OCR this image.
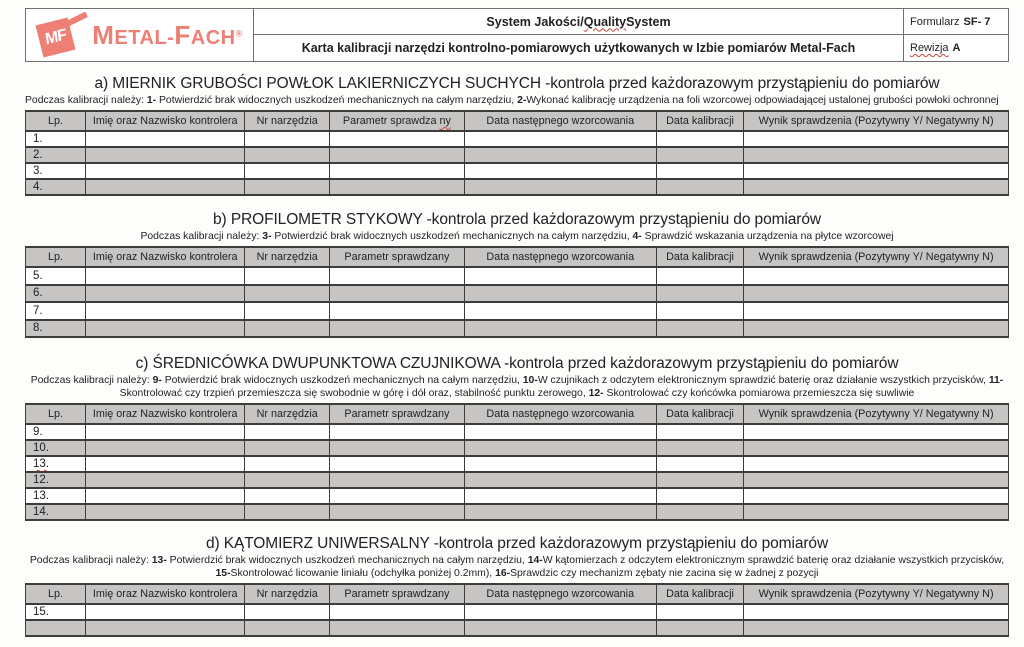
MF METAL-FACH®
System Jakości/ Quality System
Karta kalibracji narzędzi kontrolno-pomiarowych użytkowanych w Izbie pomiarów Metal-Fach
Formularz SF- 7
Rewizja A
a) MIERNIK GRUBOŚCI POWŁOK LAKIERNICZYCH SUCHYCH -kontrola przed każdorazowym przystąpieniu do pomiarów

Podczas kalibracji należy: 1- Potwierdzić brak widocznych uszkodzeń mechanicznych na całym narzędziu, 2-Wykonać kalibrację urządzenia na foli wzorcowej odpowiadającej ustalonej grubości powłoki ochronnej

Lp.	Imię oraz Nazwisko kontrolera	Nr narzędzia	Parametr sprawdza ny	Data następnego wzorcowania	Data kalibracji	Wynik sprawdzenia (Pozytywny Y/ Negatywny N)
1.						
2.						
3.						
4.						
b) PROFILOMETR STYKOWY -kontrola przed każdorazowym przystąpieniu do pomiarów

Podczas kalibracji należy: 3- Potwierdzić brak widocznych uszkodzeń mechanicznych na całym narzędziu, 4- Sprawdzić wskazania urządzenia na płytce wzorcowej

Lp.	Imię oraz Nazwisko kontrolera	Nr narzędzia	Parametr sprawdzany	Data następnego wzorcowania	Data kalibracji	Wynik sprawdzenia (Pozytywny Y/ Negatywny N)
5.						
6.						
7.						
8.						
c) ŚREDNICÓWKA DWUPUNKTOWA CZUJNIKOWA -kontrola przed każdorazowym przystąpieniu do pomiarów

Podczas kalibracji należy: 9- Potwierdzić brak widocznych uszkodzeń mechanicznych na całym narzędziu, 10-W czujnikach z odczytem elektronicznym sprawdzić baterię oraz działanie wszystkich przycisków, 11-Skontrolować czy trzpień przemieszcza się swobodnie w górę i dół oraz, stabilność punktu zerowego, 12- Skontrolować czy końcówka pomiarowa przemieszcza się suwliwie

Lp.	Imię oraz Nazwisko kontrolera	Nr narzędzia	Parametr sprawdzany	Data następnego wzorcowania	Data kalibracji	Wynik sprawdzenia (Pozytywny Y/ Negatywny N)
9.						
10.						
13.						
12.						
13.						
14.						
d) KĄTOMIERZ UNIWERSALNY -kontrola przed każdorazowym przystąpieniu do pomiarów

Podczas kalibracji należy: 13- Potwierdzić brak widocznych uszkodzeń mechanicznych na całym narzędziu, 14-W kątomierzach z odczytem elektronicznym sprawdzić baterię oraz działanie wszystkich przycisków, 15-Skontrolować licowanie liniału (odchyłka poniżej 0.2mm), 16-Sprawdzic czy mechanizm zębaty nie zacina się w żadnej z pozycji

Lp.	Imię oraz Nazwisko kontrolera	Nr narzędzia	Parametr sprawdzany	Data następnego wzorcowania	Data kalibracji	Wynik sprawdzenia (Pozytywny Y/ Negatywny N)
15.						
